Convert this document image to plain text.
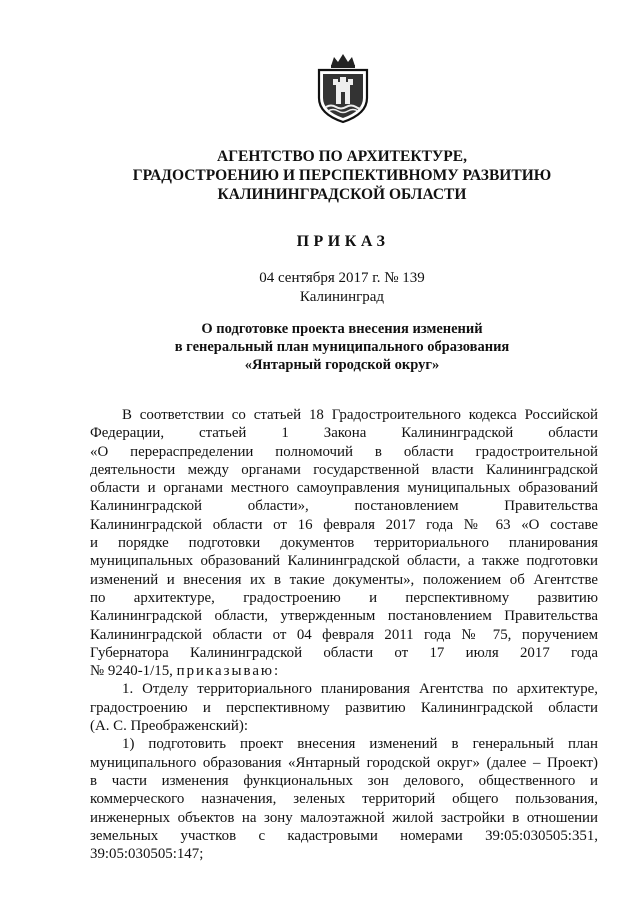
АГЕНТСТВО ПО АРХИТЕКТУРЕ,
ГРАДОСТРОЕНИЮ И ПЕРСПЕКТИВНОМУ РАЗВИТИЮ
КАЛИНИНГРАДСКОЙ ОБЛАСТИ
ПРИКАЗ
04 сентября 2017 г. № 139
Калининград
О подготовке проекта внесения изменений
в генеральный план муниципального образования
«Янтарный городской округ»
В соответствии со статьей 18 Градостроительного кодекса Российской
Федерации, статьей 1 Закона Калининградской области
«О перераспределении полномочий в области градостроительной
деятельности между органами государственной власти Калининградской
области и органами местного самоуправления муниципальных образований
Калининградской области», постановлением Правительства
Калининградской области от 16 февраля 2017 года № 63 «О составе
и порядке подготовки документов территориального планирования
муниципальных образований Калининградской области, а также подготовки
изменений и внесения их в такие документы», положением об Агентстве
по архитектуре, градостроению и перспективному развитию
Калининградской области, утвержденным постановлением Правительства
Калининградской области от 04 февраля 2011 года № 75, поручением
Губернатора Калининградской области от 17 июля 2017 года
№ 9240-1/15, приказываю:
1. Отделу территориального планирования Агентства по архитектуре,
градостроению и перспективному развитию Калининградской области
(А. С. Преображенский):
1) подготовить проект внесения изменений в генеральный план
муниципального образования «Янтарный городской округ» (далее – Проект)
в части изменения функциональных зон делового, общественного и
коммерческого назначения, зеленых территорий общего пользования,
инженерных объектов на зону малоэтажной жилой застройки в отношении
земельных участков с кадастровыми номерами 39:05:030505:351,
39:05:030505:147;
